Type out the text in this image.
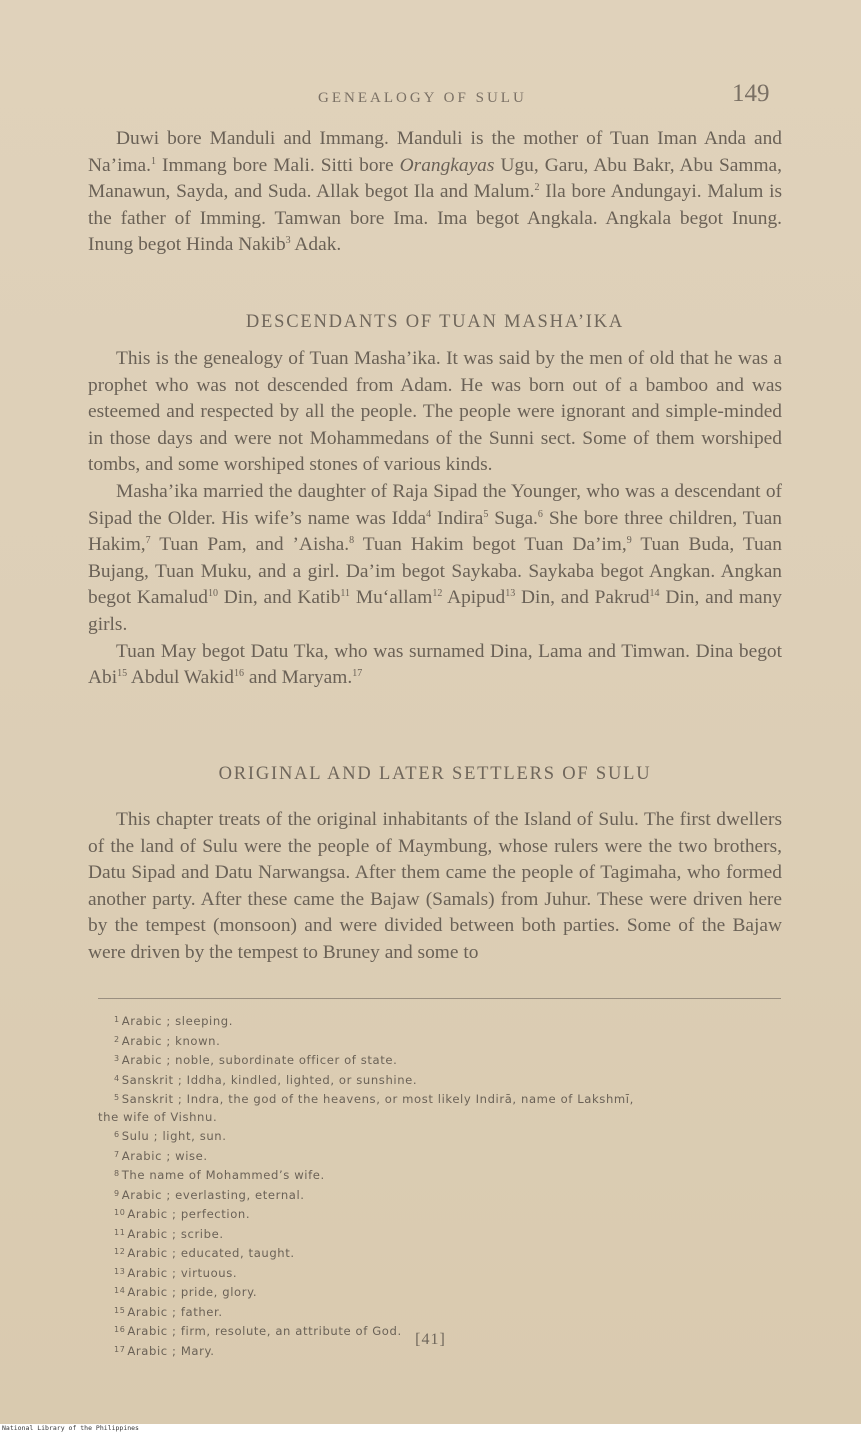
GENEALOGY OF SULU	149

Duwi bore Manduli and Immang. Manduli is the mother of Tuan Iman Anda and Na’ima.$^1$ Immang bore Mali. Sitti bore Orangkayas Ugu, Garu, Abu Bakr, Abu Samma, Manawun, Sayda, and Suda. Allak begot Ila and Malum.$^2$ Ila bore Andungayi. Malum is the father of Imming. Tamwan bore Ima. Ima begot Angkala. Angkala begot Inung. Inung begot Hinda Nakib$^3$ Adak.

DESCENDANTS OF TUAN MASHA’IKA

This is the genealogy of Tuan Masha’ika. It was said by the men of old that he was a prophet who was not descended from Adam. He was born out of a bamboo and was esteemed and respected by all the people. The people were ignorant and simple-minded in those days and were not Mohammedans of the Sunni sect. Some of them worshiped tombs, and some worshiped stones of various kinds.

Masha’ika married the daughter of Raja Sipad the Younger, who was a descendant of Sipad the Older. His wife’s name was Idda$^4$ Indira$^5$ Suga.$^6$ She bore three children, Tuan Hakim,$^7$ Tuan Pam, and ’Aisha.$^8$ Tuan Hakim begot Tuan Da’im,$^9$ Tuan Buda, Tuan Bujang, Tuan Muku, and a girl. Da’im begot Saykaba. Saykaba begot Angkan. Angkan begot Kamalud$^{10}$ Din, and Katib$^{11}$ Mu‘allam$^{12}$ Apipud$^{13}$ Din, and Pakrud$^{14}$ Din, and many girls.

Tuan May begot Datu Tka, who was surnamed Dina, Lama and Timwan. Dina begot Abi$^{15}$ Abdul Wakid$^{16}$ and Maryam.$^{17}$

ORIGINAL AND LATER SETTLERS OF SULU

This chapter treats of the original inhabitants of the Island of Sulu. The first dwellers of the land of Sulu were the people of Maymbung, whose rulers were the two brothers, Datu Sipad and Datu Narwangsa. After them came the people of Tagimaha, who formed another party. After these came the Bajaw (Samals) from Juhur. These were driven here by the tempest (monsoon) and were divided between both parties. Some of the Bajaw were driven by the tempest to Bruney and some to

$^1$ Arabic ; sleeping.
$^2$ Arabic ; known.
$^3$ Arabic ; noble, subordinate officer of state.
$^4$ Sanskrit ; Iddha, kindled, lighted, or sunshine.
$^5$ Sanskrit ; Indra, the god of the heavens, or most likely Indirā, name of Lakshmī,
the wife of Vishnu.
$^6$ Sulu ; light, sun.
$^7$ Arabic ; wise.
$^8$ The name of Mohammed’s wife.
$^9$ Arabic ; everlasting, eternal.
$^{10}$ Arabic ; perfection.
$^{11}$ Arabic ; scribe.
$^{12}$ Arabic ; educated, taught.
$^{13}$ Arabic ; virtuous.
$^{14}$ Arabic ; pride, glory.
$^{15}$ Arabic ; father.
$^{16}$ Arabic ; firm, resolute, an attribute of God.
$^{17}$ Arabic ; Mary.
[41]
National Library of the Philippines
